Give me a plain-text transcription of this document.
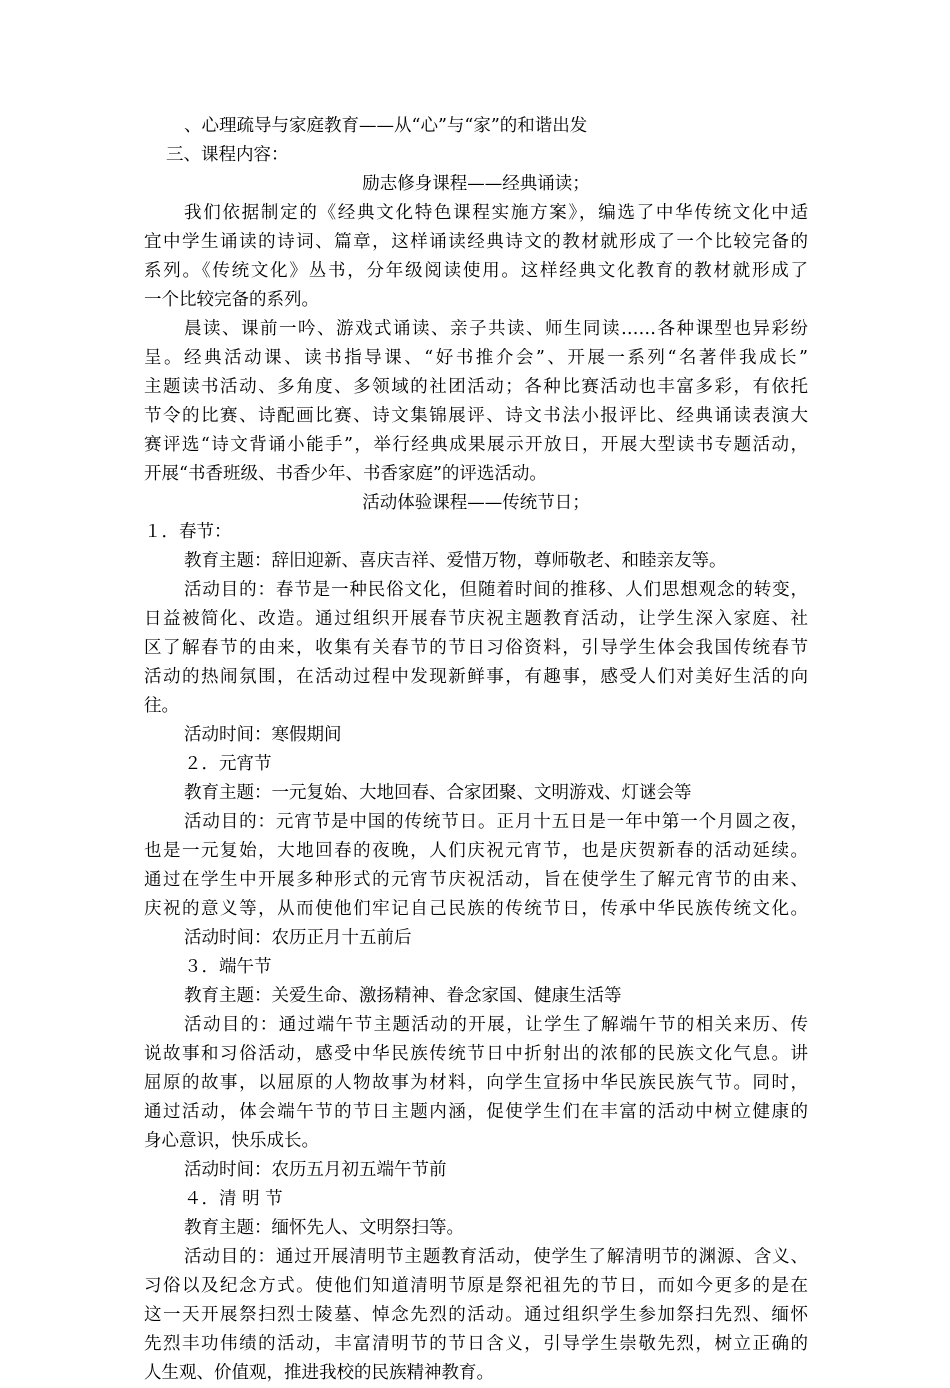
、心理疏导与家庭教育——从“心”与“家”的和谐出发

三、课程内容：

励志修身课程——经典诵读；

我们依据制定的《经典文化特色课程实施方案》，编选了中华传统文化中适

宜中学生诵读的诗词、篇章，这样诵读经典诗文的教材就形成了一个比较完备的

系列。《传统文化》丛书，分年级阅读使用。这样经典文化教育的教材就形成了

一个比较完备的系列。

晨读、课前一吟、游戏式诵读、亲子共读、师生同读……各种课型也异彩纷

呈。经典活动课、读书指导课、“好书推介会”、开展一系列“名著伴我成长”

主题读书活动、多角度、多领域的社团活动；各种比赛活动也丰富多彩，有依托

节令的比赛、诗配画比赛、诗文集锦展评、诗文书法小报评比、经典诵读表演大

赛评选“诗文背诵小能手”，举行经典成果展示开放日，开展大型读书专题活动，

开展“书香班级、书香少年、书香家庭”的评选活动。

活动体验课程——传统节日；

１．春节：

教育主题：辞旧迎新、喜庆吉祥、爱惜万物，尊师敬老、和睦亲友等。

活动目的：春节是一种民俗文化，但随着时间的推移、人们思想观念的转变，

日益被简化、改造。通过组织开展春节庆祝主题教育活动，让学生深入家庭、社

区了解春节的由来，收集有关春节的节日习俗资料，引导学生体会我国传统春节

活动的热闹氛围，在活动过程中发现新鲜事，有趣事，感受人们对美好生活的向

往。

活动时间：寒假期间

２．元宵节

教育主题：一元复始、大地回春、合家团聚、文明游戏、灯谜会等

活动目的：元宵节是中国的传统节日。正月十五日是一年中第一个月圆之夜，

也是一元复始，大地回春的夜晚，人们庆祝元宵节，也是庆贺新春的活动延续。

通过在学生中开展多种形式的元宵节庆祝活动，旨在使学生了解元宵节的由来、

庆祝的意义等，从而使他们牢记自己民族的传统节日，传承中华民族传统文化。

活动时间：农历正月十五前后

３．端午节

教育主题：关爱生命、激扬精神、眷念家国、健康生活等

活动目的：通过端午节主题活动的开展，让学生了解端午节的相关来历、传

说故事和习俗活动，感受中华民族传统节日中折射出的浓郁的民族文化气息。讲

屈原的故事，以屈原的人物故事为材料，向学生宣扬中华民族民族气节。同时，

通过活动，体会端午节的节日主题内涵，促使学生们在丰富的活动中树立健康的

身心意识，快乐成长。

活动时间：农历五月初五端午节前

４．清 明 节

教育主题：缅怀先人、文明祭扫等。

活动目的：通过开展清明节主题教育活动，使学生了解清明节的渊源、含义、

习俗以及纪念方式。使他们知道清明节原是祭祀祖先的节日，而如今更多的是在

这一天开展祭扫烈士陵墓、悼念先烈的活动。通过组织学生参加祭扫先烈、缅怀

先烈丰功伟绩的活动，丰富清明节的节日含义，引导学生崇敬先烈，树立正确的

人生观、价值观，推进我校的民族精神教育。
